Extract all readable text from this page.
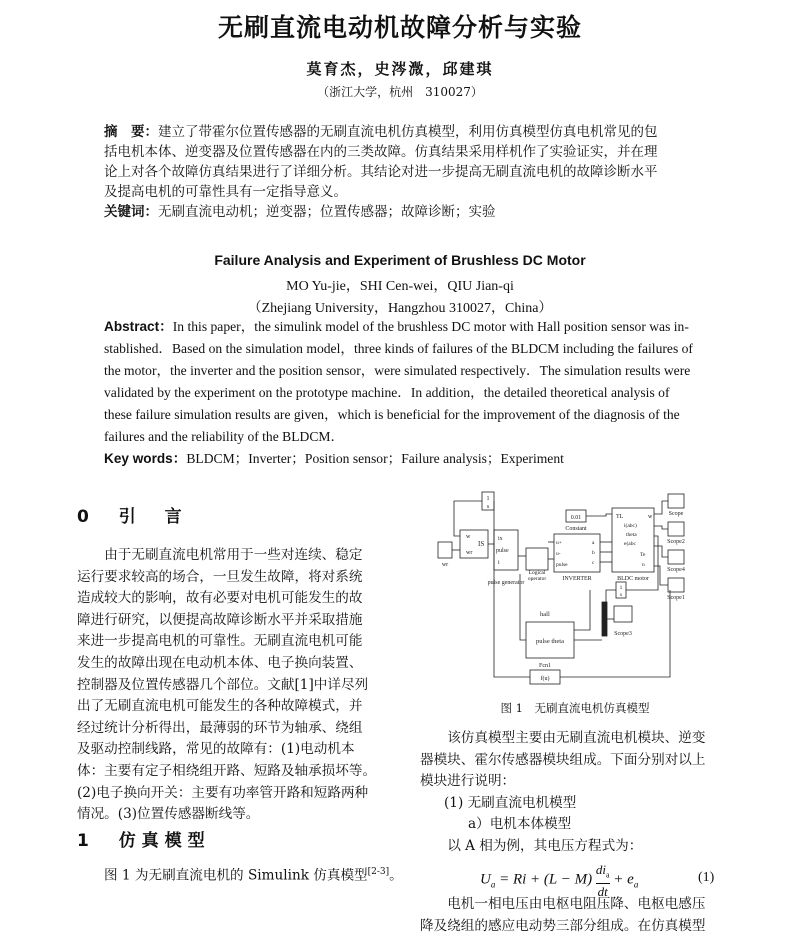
无刷直流电动机故障分析与实验
莫育杰，史涔溦，邱建琪
（浙江大学，杭州　310027）
摘　要：建立了带霍尔位置传感器的无刷直流电机仿真模型，利用仿真模型仿真电机常见的包
括电机本体、逆变器及位置传感器在内的三类故障。仿真结果采用样机作了实验证实，并在理
论上对各个故障仿真结果进行了详细分析。其结论对进一步提高无刷直流电机的故障诊断水平
及提高电机的可靠性具有一定指导意义。
关键词：无刷直流电动机；逆变器；位置传感器；故障诊断；实验
Failure Analysis and Experiment of Brushless DC Motor
MO Yu-jie，SHI Cen-wei，QIU Jian-qi
（Zhejiang University，Hangzhou 310027，China）
Abstract：In this paper，the simulink model of the brushless DC motor with Hall position sensor was in-
stablished．Based on the simulation model，three kinds of failures of the BLDCM including the failures of
the motor，the inverter and the position sensor，were simulated respectively．The simulation results were
validated by the experiment on the prototype machine．In addition，the detailed theoretical analysis of
these failure simulation results are given，which is beneficial for the improvement of the diagnosis of the
failures and the reliability of the BLDCM．
Key words：BLDCM；Inverter；Position sensor；Failure analysis；Experiment
0 引　言
由于无刷直流电机常用于一些对连续、稳定
运行要求较高的场合，一旦发生故障，将对系统
造成较大的影响，故有必要对电机可能发生的故
障进行研究，以便提高故障诊断水平并采取措施
来进一步提高电机的可靠性。无刷直流电机可能
发生的故障出现在电动机本体、电子换向装置、
控制器及位置传感器几个部位。文献[1]中详尽列
出了无刷直流电机可能发生的各种故障模式，并
经过统计分析得出，最薄弱的环节为轴承、绕组
及驱动控制线路，常见的故障有：(1)电动机本
体：主要有定子相绕组开路、短路及轴承损坏等。
(2)电子换向开关：主要有功率管开路和短路两种
情况。(3)位置传感器断线等。
1 仿真模型
图 1 为无刷直流电机的 Simulink 仿真模型[2-3]。
1
s
wr
w
wr
IS
ix
pulse
i
pulse generator
Logical
operator
u+
u-
pulse
INVERTER
a
b
c
0.01
Constant
TL	w
i(abc)
theta
e(abc
Te
n
BLDC motor
Scope
Scope2
Scope4
Scope1
1
s
Scope3
hall
pulse theta
Fcn1
f(u)
图 1　无刷直流电机仿真模型
该仿真模型主要由无刷直流电机模块、逆变
器模块、霍尔传感器模块组成。下面分别对以上
模块进行说明：
(1) 无刷直流电机模型
a）电机本体模型
以 A 相为例，其电压方程式为：
$U_a = Ri + (L - M) \frac{di_a}{dt} + e_a$	(1)
电机一相电压由电枢电阻压降、电枢电感压
降及绕组的感应电动势三部分组成。在仿真模型
